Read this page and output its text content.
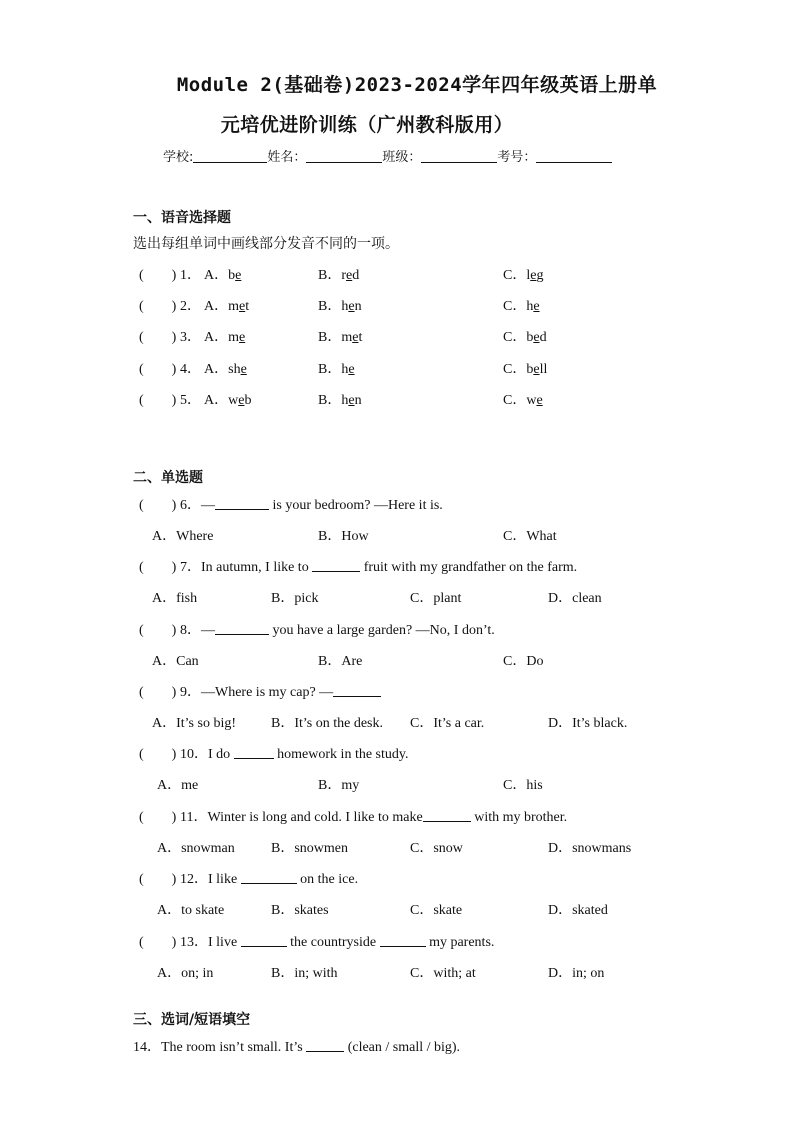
Module 2(基础卷)2023-2024学年四年级英语上册单
元培优进阶训练（广州教科版用）
学校:	姓名：	班级：	考号：
一、语音选择题
选出每组单词中画线部分发音不同的一项。
(　　) 1． A．be	B．red	C．leg
(　　) 2． A．met	B．hen	C．he
(　　) 3． A．me	B．met	C．bed
(　　) 4． A．she	B．he	C．bell
(　　) 5． A．web	B．hen	C．we
二、单选题
(　　) 6．—	is your bedroom? —Here it is.
A．Where	B．How	C．What
(　　) 7．In autumn, I like to	fruit with my grandfather on the farm.
A．fish	B．pick	C．plant	D．clean
(　　) 8．—	you have a large garden? —No, I don’t.
A．Can	B．Are	C．Do
(　　) 9．—Where is my cap? —
A．It’s so big!	B．It’s on the desk. C．It’s a car.	D．It’s black.
(　　) 10．I do	homework in the study.
A．me	B．my	C．his
(　　) 11．Winter is long and cold. I like to make	with my brother.
A．snowman	B．snowmen	C．snow	D．snowmans
(　　) 12．I like	on the ice.
A．to skate	B．skates	C．skate	D．skated
(　　) 13．I live	the countryside	my parents.
A．on; in	B．in; with	C．with; at	D．in; on
三、选词/短语填空
14．The room isn’t small. It’s	(clean / small / big).
